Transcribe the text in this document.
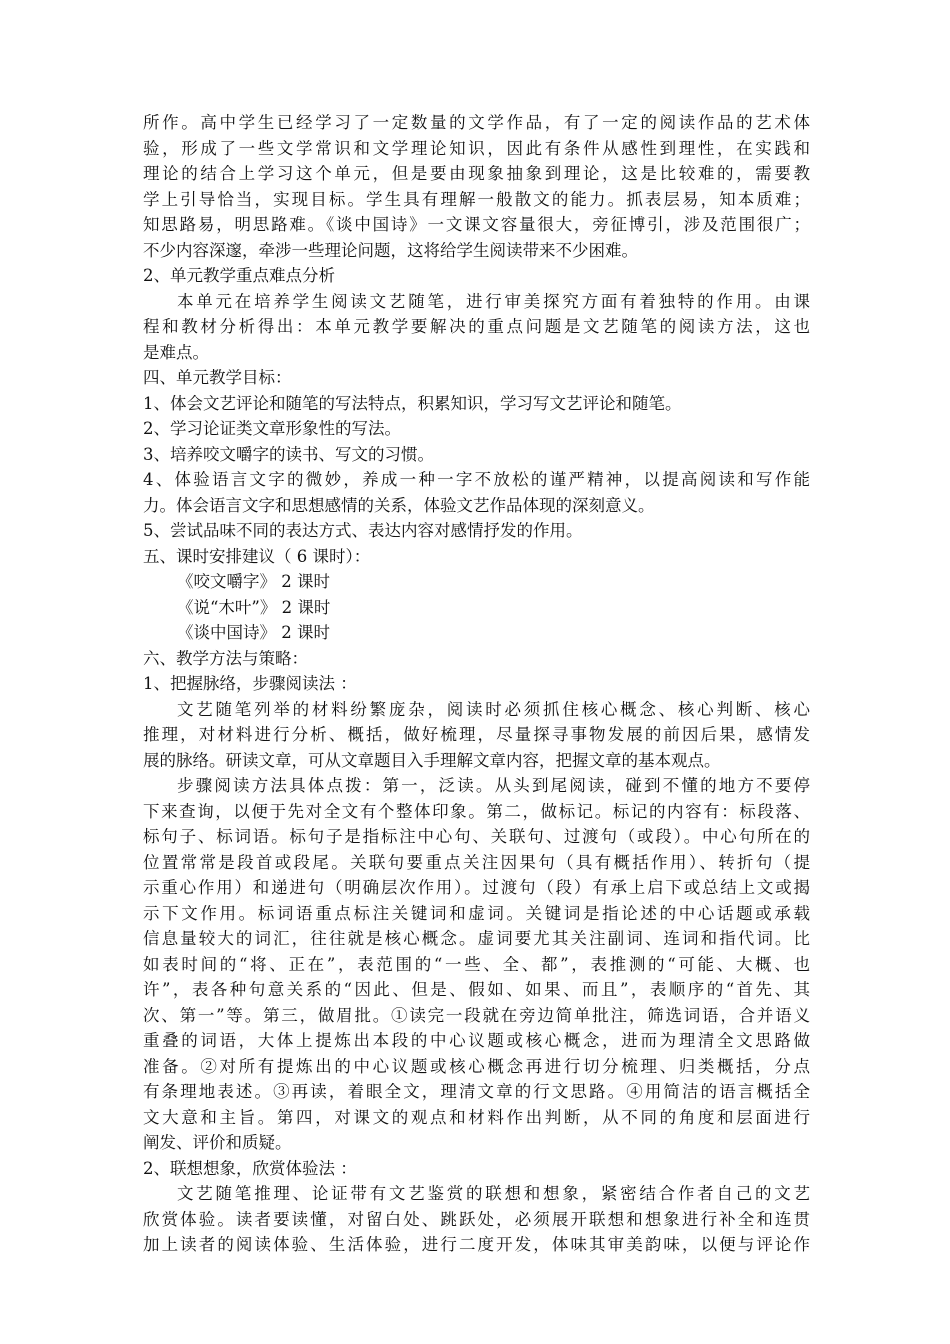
所作。高中学生已经学习了一定数量的文学作品，有了一定的阅读作品的艺术体
验，形成了一些文学常识和文学理论知识，因此有条件从感性到理性，在实践和
理论的结合上学习这个单元，但是要由现象抽象到理论，这是比较难的，需要教
学上引导恰当，实现目标。学生具有理解一般散文的能力。抓表层易，知本质难；
知思路易，明思路难。《谈中国诗》一文课文容量很大，旁征博引，涉及范围很广；
不少内容深邃，牵涉一些理论问题，这将给学生阅读带来不少困难。
2、单元教学重点难点分析
本单元在培养学生阅读文艺随笔，进行审美探究方面有着独特的作用。由课
程和教材分析得出：本单元教学要解决的重点问题是文艺随笔的阅读方法，这也
是难点。
四、单元教学目标：
1、体会文艺评论和随笔的写法特点，积累知识，学习写文艺评论和随笔。
2、学习论证类文章形象性的写法。
3、培养咬文嚼字的读书、写文的习惯。
4、体验语言文字的微妙，养成一种一字不放松的谨严精神，以提高阅读和写作能
力。体会语言文字和思想感情的关系，体验文艺作品体现的深刻意义。
5、尝试品味不同的表达方式、表达内容对感情抒发的作用。
五、课时安排建议（ 6 课时）：
《咬文嚼字》 2 课时
《说“木叶”》 2 课时
《谈中国诗》 2 课时
六、教学方法与策略：
1、把握脉络，步骤阅读法 ：
文艺随笔列举的材料纷繁庞杂，阅读时必须抓住核心概念、核心判断、核心
推理，对材料进行分析、概括，做好梳理，尽量探寻事物发展的前因后果，感情发
展的脉络。研读文章，可从文章题目入手理解文章内容，把握文章的基本观点。
步骤阅读方法具体点拨：第一，泛读。从头到尾阅读，碰到不懂的地方不要停
下来查询，以便于先对全文有个整体印象。第二，做标记。标记的内容有：标段落、
标句子、标词语。标句子是指标注中心句、关联句、过渡句（或段）。中心句所在的
位置常常是段首或段尾。关联句要重点关注因果句（具有概括作用）、转折句（提
示重心作用）和递进句（明确层次作用）。过渡句（段）有承上启下或总结上文或揭
示下文作用。标词语重点标注关键词和虚词。关键词是指论述的中心话题或承载
信息量较大的词汇，往往就是核心概念。虚词要尤其关注副词、连词和指代词。比
如表时间的“将、正在”，表范围的“一些、全、都”，表推测的“可能、大概、也
许”，表各种句意关系的“因此、但是、假如、如果、而且”，表顺序的“首先、其
次、第一”等。第三，做眉批。①读完一段就在旁边简单批注，筛选词语，合并语义
重叠的词语，大体上提炼出本段的中心议题或核心概念，进而为理清全文思路做
准备。②对所有提炼出的中心议题或核心概念再进行切分梳理、归类概括，分点
有条理地表述。③再读，着眼全文，理清文章的行文思路。④用简洁的语言概括全
文大意和主旨。第四，对课文的观点和材料作出判断，从不同的角度和层面进行
阐发、评价和质疑。
2、联想想象，欣赏体验法 ：
文艺随笔推理、论证带有文艺鉴赏的联想和想象，紧密结合作者自己的文艺
欣赏体验。读者要读懂，对留白处、跳跃处，必须展开联想和想象进行补全和连贯
加上读者的阅读体验、生活体验，进行二度开发，体味其审美韵味，以便与评论作
